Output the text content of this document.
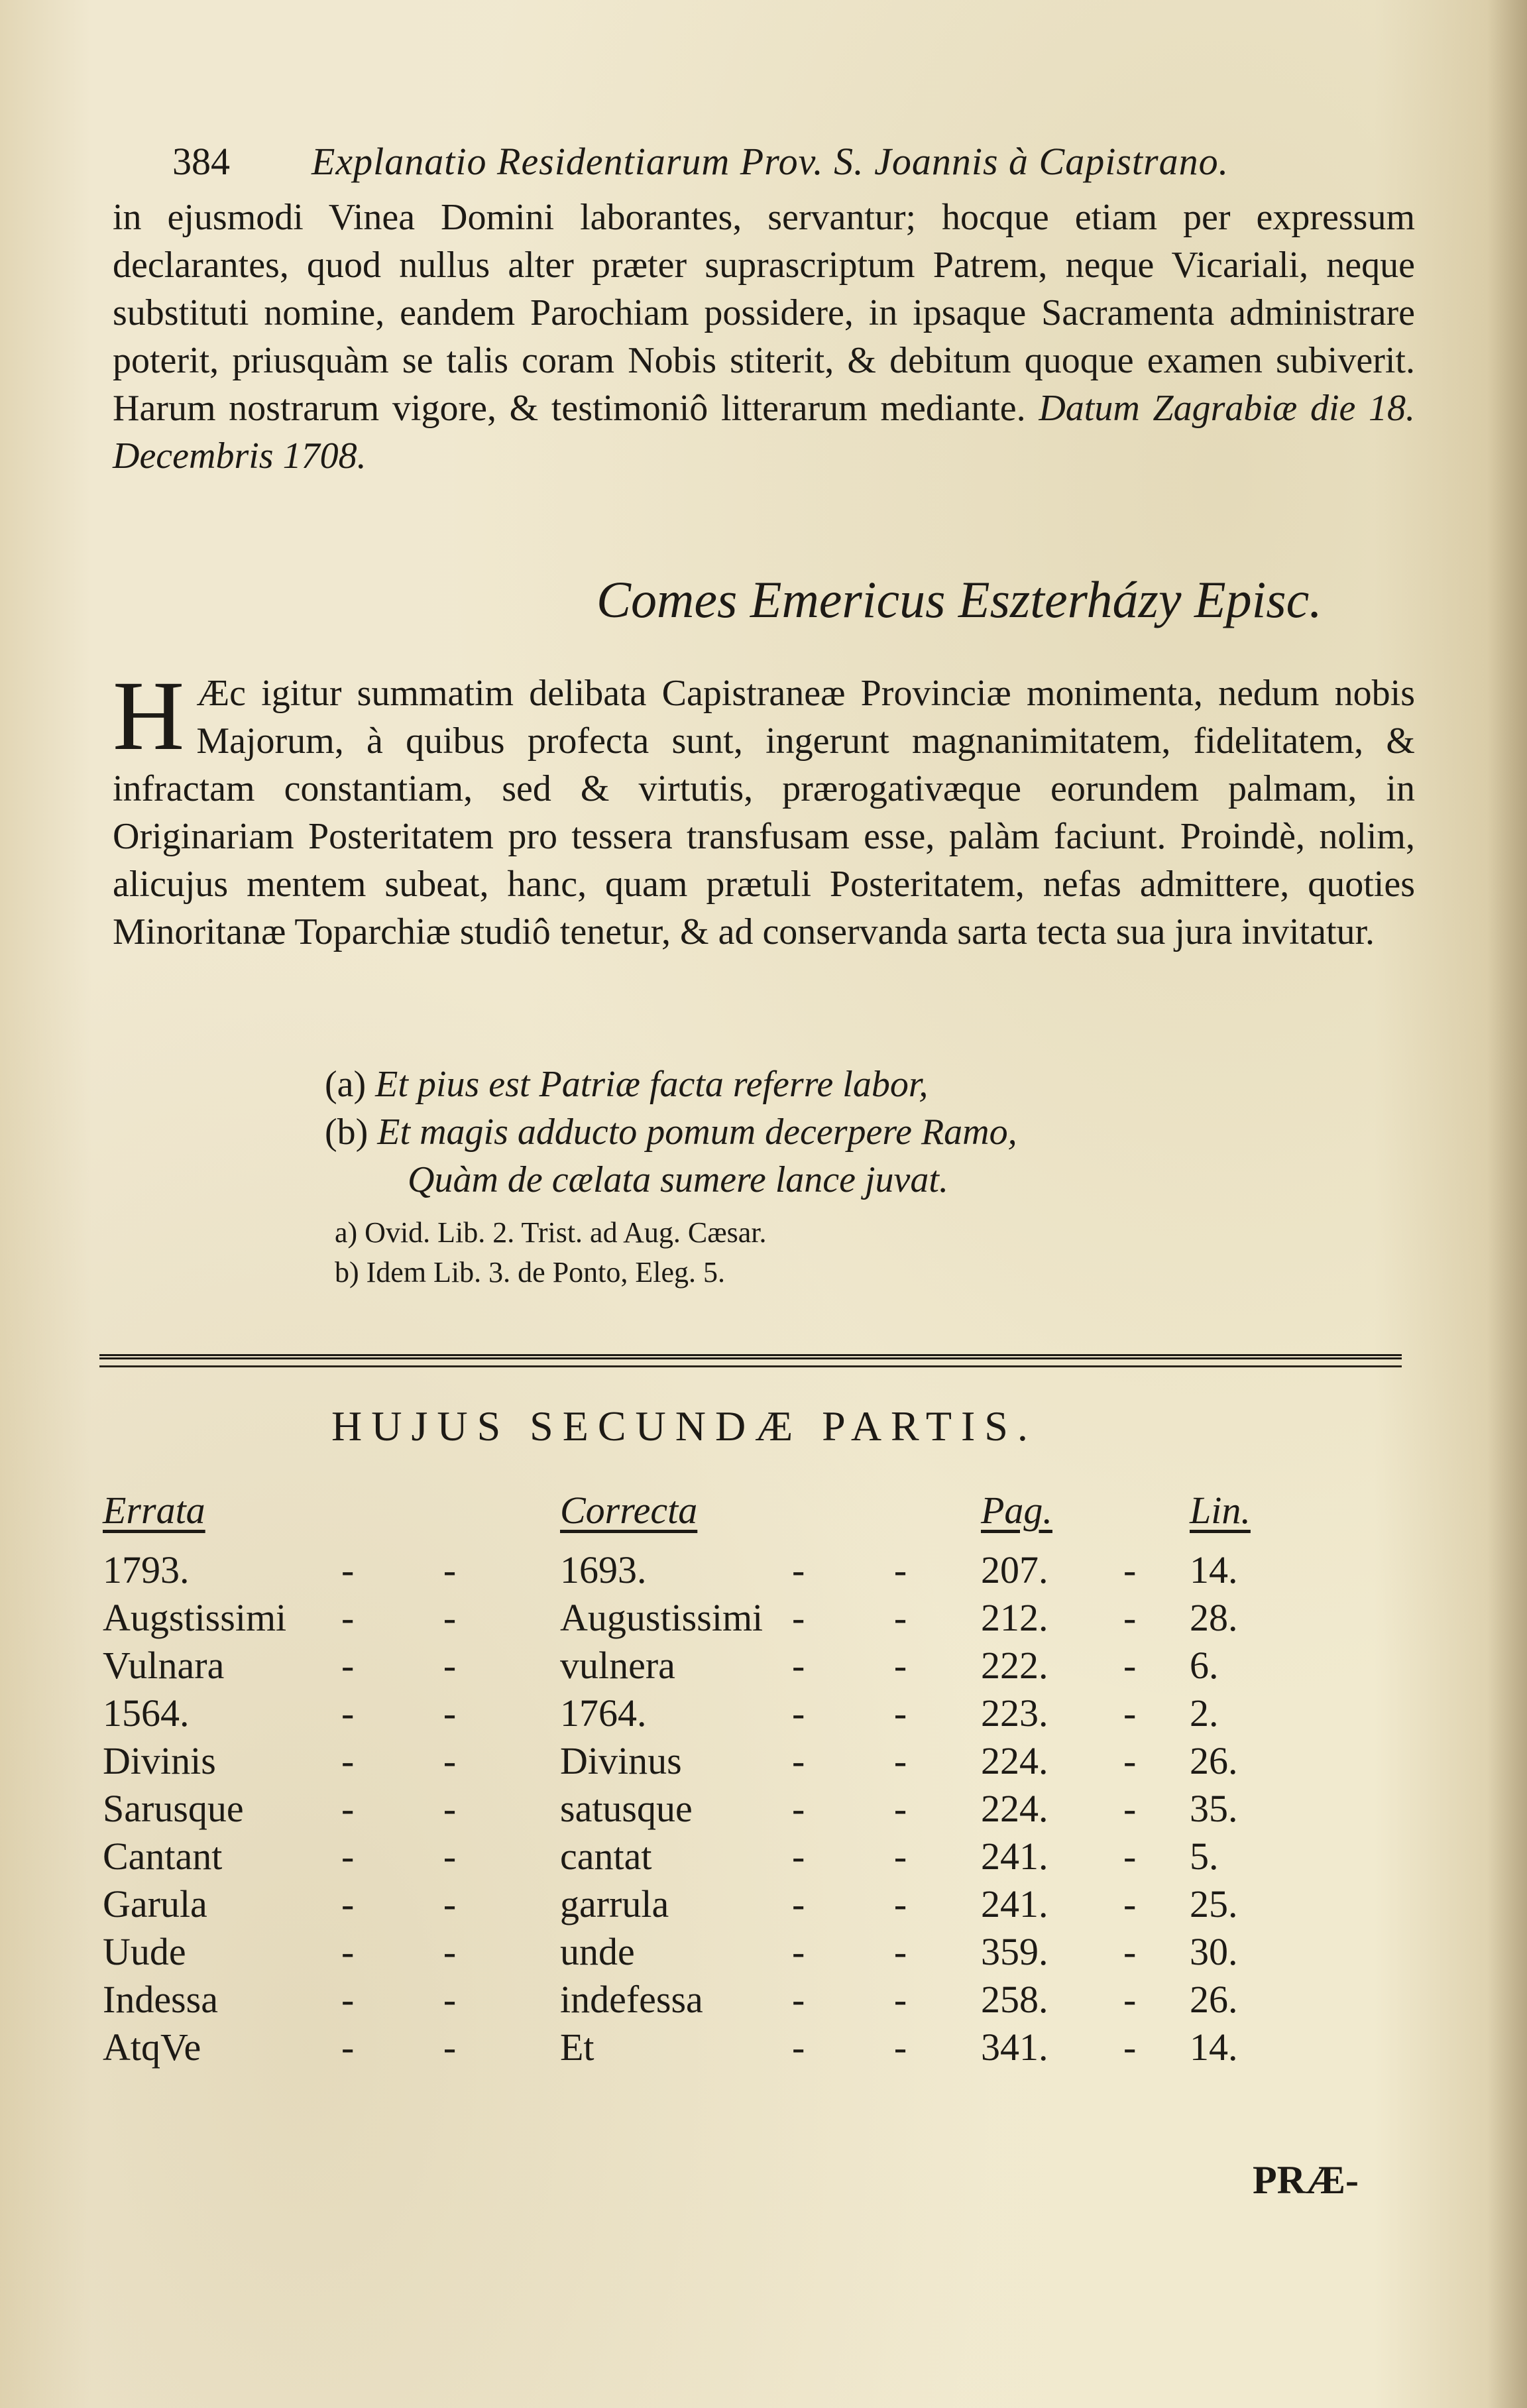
384 Explanatio Residentiarum Prov. S. Joannis à Capistrano.
in ejusmodi Vinea Domini laborantes, servantur; hocque etiam per expressum declarantes, quod nullus alter præter suprascriptum Patrem, neque Vicariali, neque substituti nomine, eandem Parochiam possidere, in ipsaque Sacramenta administrare poterit, priusquàm se talis coram Nobis stiterit, & debitum quoque examen subiverit. Harum nostrarum vigore, & testimoniô litterarum mediante. Datum Zagrabiæ die 18. Decembris 1708.
Comes Emericus Eszterházy Episc.
H Æc igitur summatim delibata Capistraneæ Provinciæ monimenta, nedum nobis Majorum, à quibus profecta sunt, ingerunt magnanimitatem, fidelitatem, & infractam constantiam, sed & virtutis, prærogativæque eorundem palmam, in Originariam Posteritatem pro tessera transfusam esse, palàm faciunt. Proindè, nolim, alicujus mentem subeat, hanc, quam prætuli Posteritatem, nefas admittere, quoties Minoritanæ Toparchiæ studiô tenetur, & ad conservanda sarta tecta sua jura invitatur.
(a) Et pius est Patriæ facta referre labor,
(b) Et magis adducto pomum decerpere Ramo,
Quàm de cælata sumere lance juvat.
a) Ovid. Lib. 2. Trist. ad Aug. Cæsar.
b) Idem Lib. 3. de Ponto, Eleg. 5.
HUJUS SECUNDÆ PARTIS.
Errata	Correcta	Pag.	Lin.
1793.	1693.	207.	14.
- -	- -	-
Augstissimi	Augustissimi	212.	28.
- -	- -	-
Vulnara	vulnera	222.	6.
- -	- -	-
1564.	1764.	223.	2.
- -	- -	-
Divinis	Divinus	224.	26.
- -	- -	-
Sarusque	satusque	224.	35.
- -	- -	-
Cantant	cantat	241.	5.
- -	- -	-
Garula	garrula	241.	25.
- -	- -	-
Uude	unde	359.	30.
- -	- -	-
Indessa	indefessa	258.	26.
- -	- -	-
AtqVe	Et	341.	14.
- -	- -	-
PRÆ-
